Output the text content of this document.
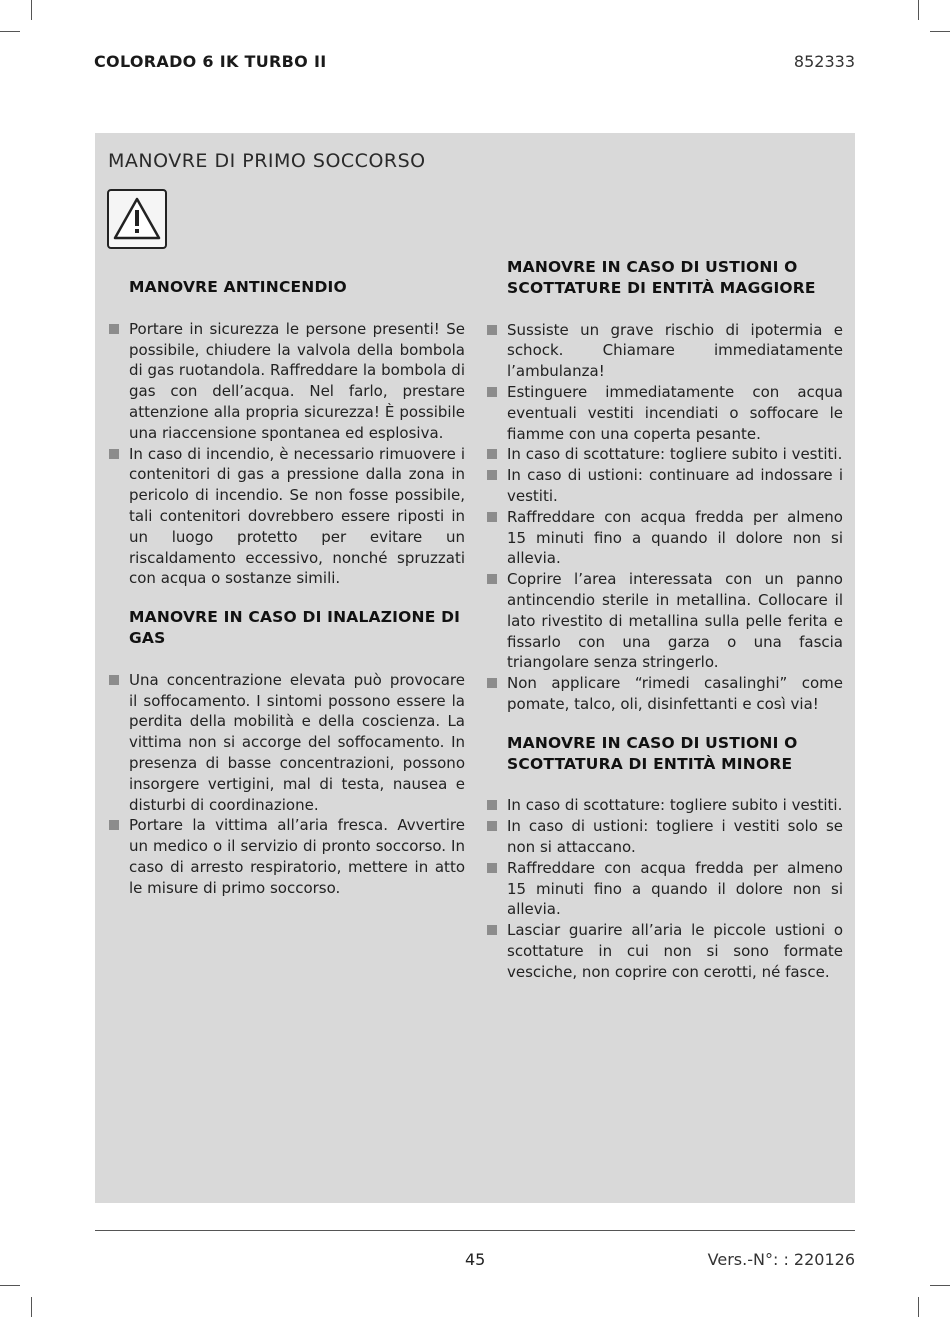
COLORADO 6 IK TURBO II	852333
MANOVRE DI PRIMO SOCCORSO
MANOVRE ANTINCENDIO
Portare in sicurezza le persone presenti! Se possibile, chiudere la valvola della bombola di gas ruotandola. Raffreddare la bombola di gas con dell’acqua. Nel farlo, prestare attenzione alla propria sicurezza! È possibile una riaccensione spontanea ed esplosiva.
In caso di incendio, è necessario rimuovere i contenitori di gas a pressione dalla zona in pericolo di incendio. Se non fosse possibile, tali contenitori dovrebbero essere riposti in un luogo protetto per evitare un riscaldamento eccessivo, nonché spruzzati con acqua o sostanze simili.
MANOVRE IN CASO DI INALAZIONE DI GAS
Una concentrazione elevata può provocare il soffocamento. I sintomi possono essere la perdita della mobilità e della coscienza. La vittima non si accorge del soffocamento. In presenza di basse concentrazioni, possono insorgere vertigini, mal di testa, nausea e disturbi di coordinazione.
Portare la vittima all’aria fresca. Avvertire un medico o il servizio di pronto soccorso. In caso di arresto respiratorio, mettere in atto le misure di primo soccorso.
MANOVRE IN CASO DI USTIONI O SCOTTATURE DI ENTITÀ MAGGIORE
Sussiste un grave rischio di ipotermia e schock. Chiamare immediatamente l’ambulanza!
Estinguere immediatamente con acqua eventuali vestiti incendiati o soffocare le fiamme con una coperta pesante.
In caso di scottature: togliere subito i vestiti.
In caso di ustioni: continuare ad indossare i vestiti.
Raffreddare con acqua fredda per almeno 15 minuti fino a quando il dolore non si allevia.
Coprire l’area interessata con un panno antincendio sterile in metallina. Collocare il lato rivestito di metallina sulla pelle ferita e fissarlo con una garza o una fascia triangolare senza stringerlo.
Non applicare “rimedi casalinghi” come pomate, talco, oli, disinfettanti e così via!
MANOVRE IN CASO DI USTIONI O SCOTTATURA DI ENTITÀ MINORE
In caso di scottature: togliere subito i vestiti.
In caso di ustioni: togliere i vestiti solo se non si attaccano.
Raffreddare con acqua fredda per almeno 15 minuti fino a quando il dolore non si allevia.
Lasciar guarire all’aria le piccole ustioni o scottature in cui non si sono formate vesciche, non coprire con cerotti, né fasce.
45	Vers.-N°: : 220126
